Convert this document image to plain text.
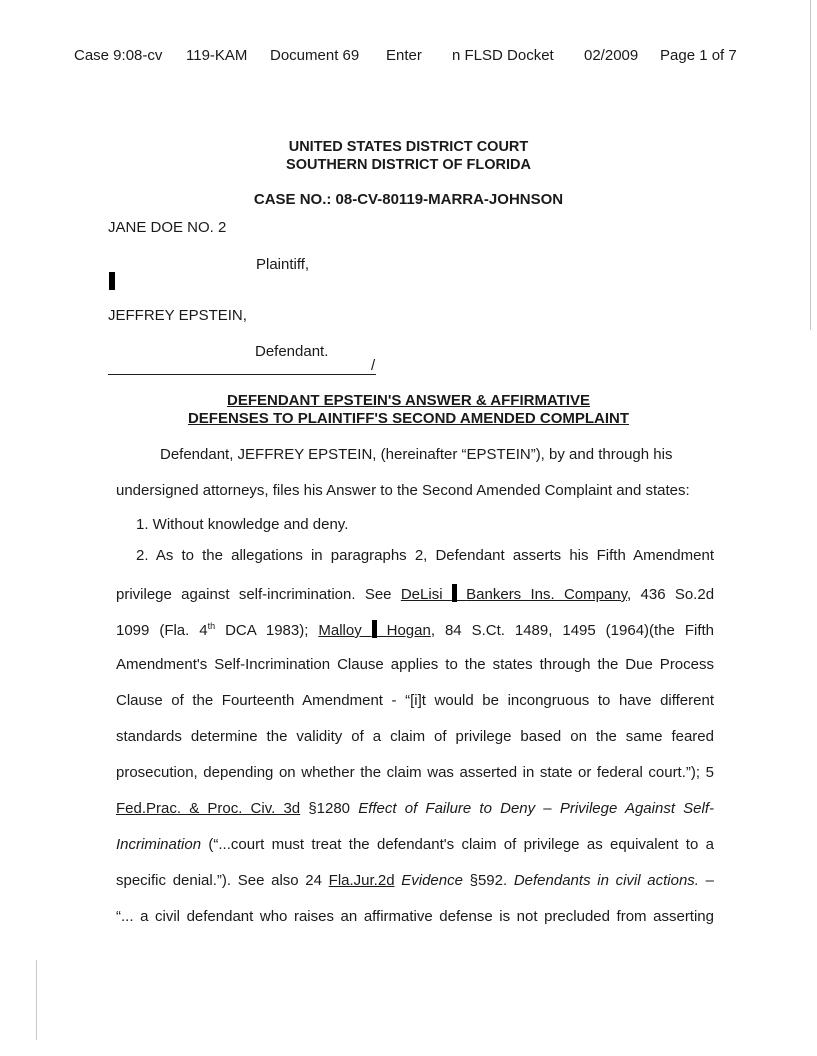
Case 9:08-cv 119-KAM Document 69 Enter n FLSD Docket 02/2009 Page 1 of 7
UNITED STATES DISTRICT COURT
SOUTHERN DISTRICT OF FLORIDA
CASE NO.: 08-CV-80119-MARRA-JOHNSON
JANE DOE NO. 2
Plaintiff,
JEFFREY EPSTEIN,
Defendant.
/
DEFENDANT EPSTEIN'S ANSWER & AFFIRMATIVE
DEFENSES TO PLAINTIFF'S SECOND AMENDED COMPLAINT
Defendant, JEFFREY EPSTEIN, (hereinafter “EPSTEIN”), by and through his
undersigned attorneys, files his Answer to the Second Amended Complaint and states:
1. Without knowledge and deny.
2. As to the allegations in paragraphs 2, Defendant asserts his Fifth Amendment
privilege against self-incrimination. See DeLisi Bankers Ins. Company, 436 So.2d
1099 (Fla. 4th DCA 1983); Malloy Hogan, 84 S.Ct. 1489, 1495 (1964)(the Fifth
Amendment's Self-Incrimination Clause applies to the states through the Due Process
Clause of the Fourteenth Amendment - “[i]t would be incongruous to have different
standards determine the validity of a claim of privilege based on the same feared
prosecution, depending on whether the claim was asserted in state or federal court.”); 5
Fed.Prac. & Proc. Civ. 3d §1280 Effect of Failure to Deny – Privilege Against Self-
Incrimination (“...court must treat the defendant's claim of privilege as equivalent to a
specific denial.”). See also 24 Fla.Jur.2d Evidence §592. Defendants in civil actions. –
“... a civil defendant who raises an affirmative defense is not precluded from asserting
